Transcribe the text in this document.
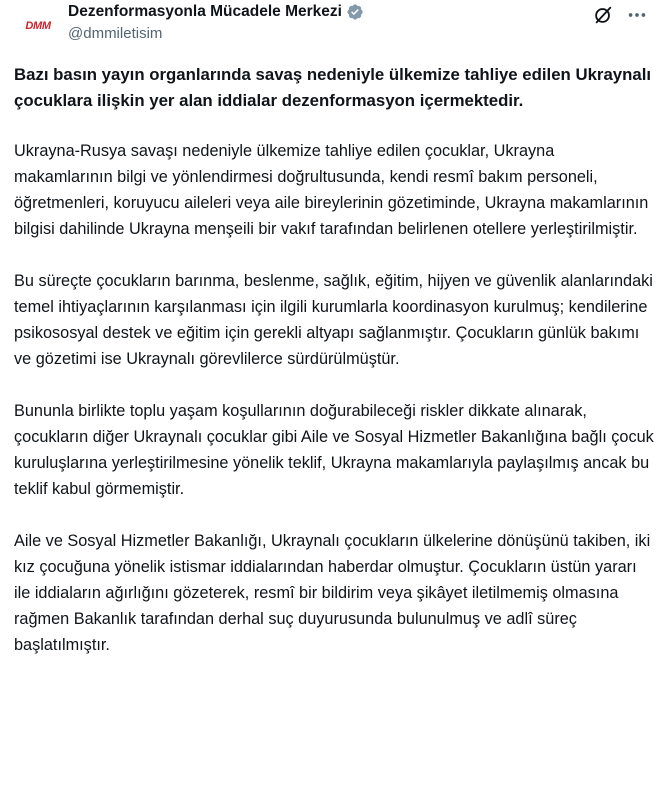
DMM
Dezenformasyonla Mücadele Merkezi
@dmmiletisim

Bazı basın yayın organlarında savaş nedeniyle ülkemize tahliye edilen Ukraynalı çocuklara ilişkin yer alan iddialar dezenformasyon içermektedir.

Ukrayna-Rusya savaşı nedeniyle ülkemize tahliye edilen çocuklar, Ukrayna makamlarının bilgi ve yönlendirmesi doğrultusunda, kendi resmî bakım personeli, öğretmenleri, koruyucu aileleri veya aile bireylerinin gözetiminde, Ukrayna makamlarının bilgisi dahilinde Ukrayna menşeili bir vakıf tarafından belirlenen otellere yerleştirilmiştir.

Bu süreçte çocukların barınma, beslenme, sağlık, eğitim, hijyen ve güvenlik alanlarındaki temel ihtiyaçlarının karşılanması için ilgili kurumlarla koordinasyon kurulmuş; kendilerine psikososyal destek ve eğitim için gerekli altyapı sağlanmıştır. Çocukların günlük bakımı ve gözetimi ise Ukraynalı görevlilerce sürdürülmüştür.

Bununla birlikte toplu yaşam koşullarının doğurabileceği riskler dikkate alınarak, çocukların diğer Ukraynalı çocuklar gibi Aile ve Sosyal Hizmetler Bakanlığına bağlı çocuk kuruluşlarına yerleştirilmesine yönelik teklif, Ukrayna makamlarıyla paylaşılmış ancak bu teklif kabul görmemiştir.

Aile ve Sosyal Hizmetler Bakanlığı, Ukraynalı çocukların ülkelerine dönüşünü takiben, iki kız çocuğuna yönelik istismar iddialarından haberdar olmuştur. Çocukların üstün yararı ile iddiaların ağırlığını gözeterek, resmî bir bildirim veya şikâyet iletilmemiş olmasına rağmen Bakanlık tarafından derhal suç duyurusunda bulunulmuş ve adlî süreç başlatılmıştır.
